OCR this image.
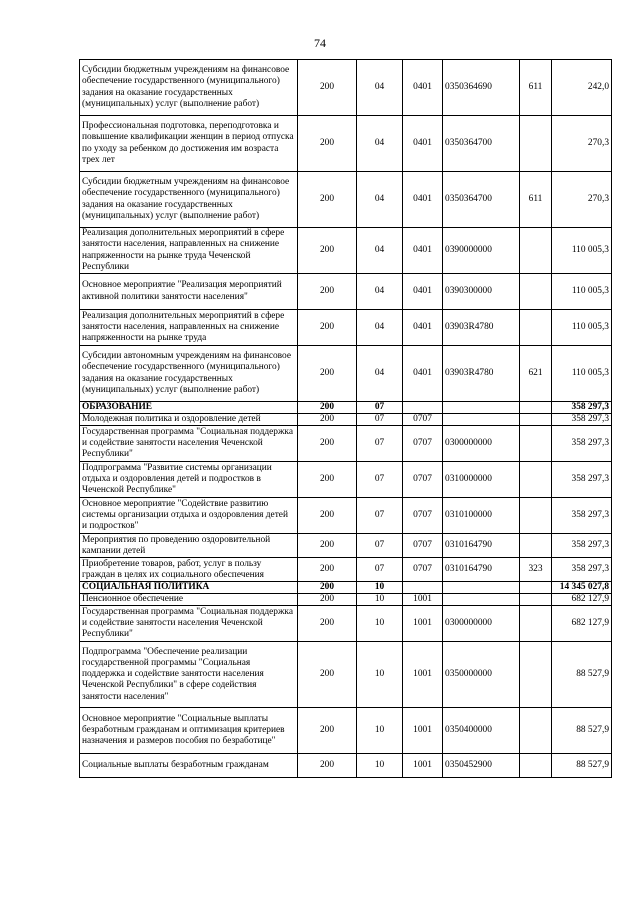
74
Субсидии бюджетным учреждениям на финансовое обеспечение государственного (муниципального) задания на оказание государственных (муниципальных) услуг (выполнение работ)	200	04	0401	0350364690	611	242,0
Профессиональная подготовка, переподготовка и повышение квалификации женщин в период отпуска по уходу за ребенком до достижения им возраста трех лет	200	04	0401	0350364700		270,3
Субсидии бюджетным учреждениям на финансовое обеспечение государственного (муниципального) задания на оказание государственных (муниципальных) услуг (выполнение работ)	200	04	0401	0350364700	611	270,3
Реализация дополнительных мероприятий в сфере занятости населения, направленных на снижение напряженности на рынке труда Чеченской Республики	200	04	0401	0390000000		110 005,3
Основное мероприятие "Реализация мероприятий активной политики занятости населения"	200	04	0401	0390300000		110 005,3
Реализация дополнительных мероприятий в сфере занятости населения, направленных на снижение напряженности на рынке труда	200	04	0401	03903R4780		110 005,3
Субсидии автономным учреждениям на финансовое обеспечение государственного (муниципального) задания на оказание государственных (муниципальных) услуг (выполнение работ)	200	04	0401	03903R4780	621	110 005,3
ОБРАЗОВАНИЕ	200	07				358 297,3
Молодежная политика и оздоровление детей	200	07	0707			358 297,3
Государственная программа "Социальная поддержка и содействие занятости населения Чеченской Республики"	200	07	0707	0300000000		358 297,3
Подпрограмма "Развитие системы организации отдыха и оздоровления детей и подростков в Чеченской Республике"	200	07	0707	0310000000		358 297,3
Основное мероприятие "Содействие развитию системы организации отдыха и оздоровления детей и подростков"	200	07	0707	0310100000		358 297,3
Мероприятия по проведению оздоровительной кампании детей	200	07	0707	0310164790		358 297,3
Приобретение товаров, работ, услуг в пользу граждан в целях их социального обеспечения	200	07	0707	0310164790	323	358 297,3
СОЦИАЛЬНАЯ ПОЛИТИКА	200	10				14 345 027,8
Пенсионное обеспечение	200	10	1001			682 127,9
Государственная программа "Социальная поддержка и содействие занятости населения Чеченской Республики"	200	10	1001	0300000000		682 127,9
Подпрограмма "Обеспечение реализации государственной программы "Социальная поддержка и содействие занятости населения Чеченской Республики" в сфере содействия занятости населения"	200	10	1001	0350000000		88 527,9
Основное мероприятие "Социальные выплаты безработным гражданам и оптимизация критериев назначения и размеров пособия по безработице"	200	10	1001	0350400000		88 527,9
Социальные выплаты безработным гражданам	200	10	1001	0350452900		88 527,9
